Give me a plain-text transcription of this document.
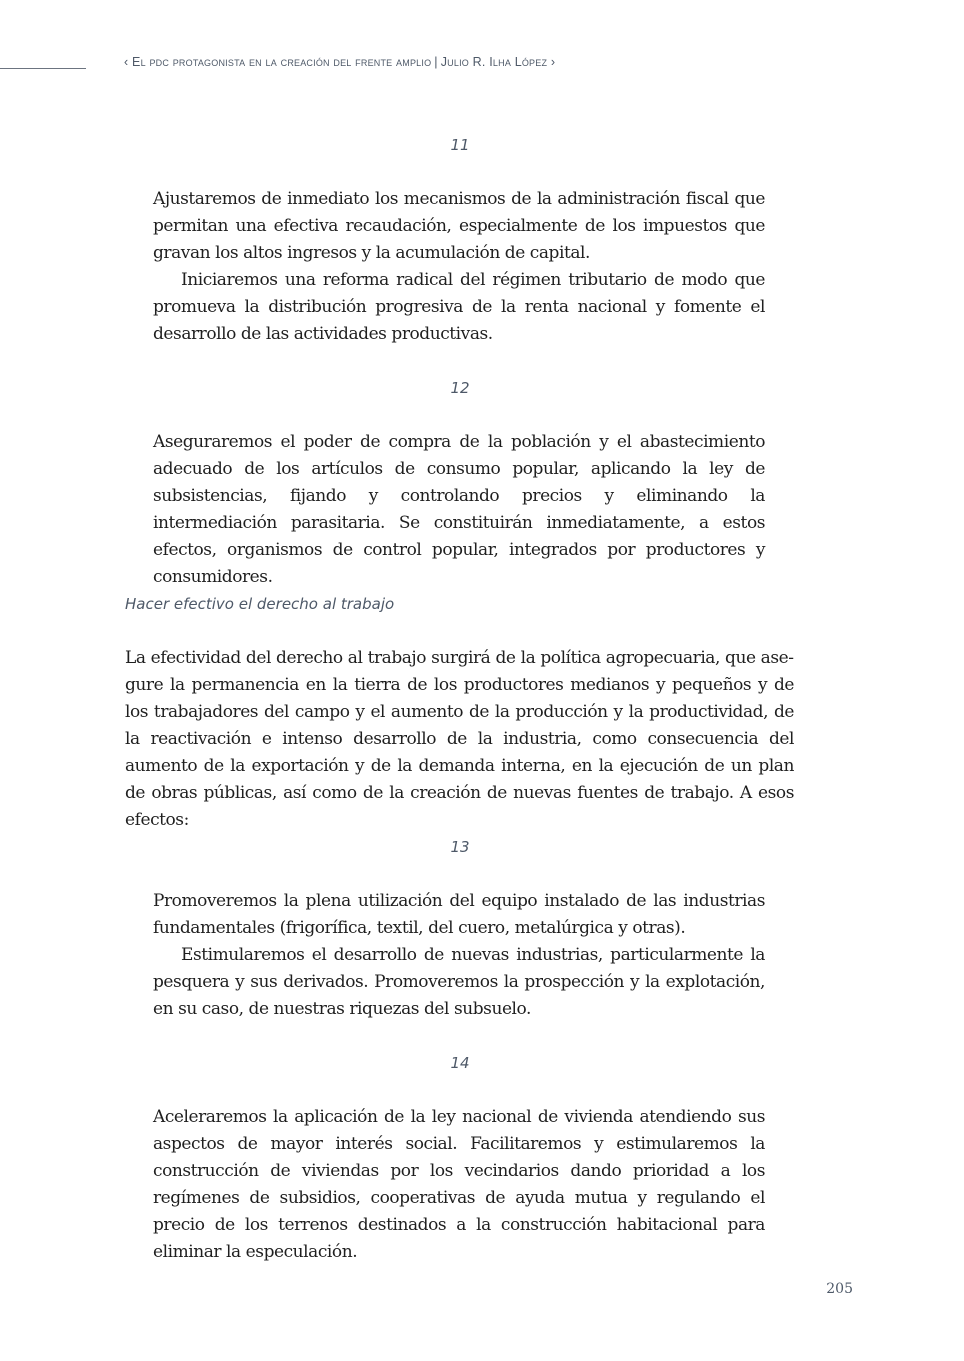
‹ El pdc protagonista en la creación del frente amplio | Julio R. Ilha López ›
11

Ajustaremos de inmediato los mecanismos de la administración fiscal que permitan una efectiva recaudación, especialmente de los impuestos que gravan los altos ingresos y la acumulación de capital.

Iniciaremos una reforma radical del régimen tributario de modo que promueva la distribución progresiva de la renta nacional y fomente el desarrollo de las actividades productivas.

12

Aseguraremos el poder de compra de la población y el abastecimiento adecuado de los artículos de consumo popular, aplicando la ley de subsistencias, fijando y controlando precios y eliminando la intermediación parasitaria. Se constituirán inmediatamente, a estos efectos, organismos de control popular, integrados por productores y consumidores.

Hacer efectivo el derecho al trabajo

La efectividad del derecho al trabajo surgirá de la política agropecuaria, que asegure la permanencia en la tierra de los productores medianos y pequeños y de los trabajadores del campo y el aumento de la producción y la productividad, de la reactivación e intenso desarrollo de la industria, como consecuencia del aumento de la exportación y de la demanda interna, en la ejecución de un plan de obras públicas, así como de la creación de nuevas fuentes de trabajo. A esos efectos:

13

Promoveremos la plena utilización del equipo instalado de las industrias fundamentales (frigorífica, textil, del cuero, metalúrgica y otras).

Estimularemos el desarrollo de nuevas industrias, particularmente la pesquera y sus derivados. Promoveremos la prospección y la explotación, en su caso, de nuestras riquezas del subsuelo.

14

Aceleraremos la aplicación de la ley nacional de vivienda atendiendo sus aspectos de mayor interés social. Facilitaremos y estimularemos la construcción de viviendas por los vecindarios dando prioridad a los regímenes de subsidios, cooperativas de ayuda mutua y regulando el precio de los terrenos destinados a la construcción habitacional para eliminar la especulación.

205
